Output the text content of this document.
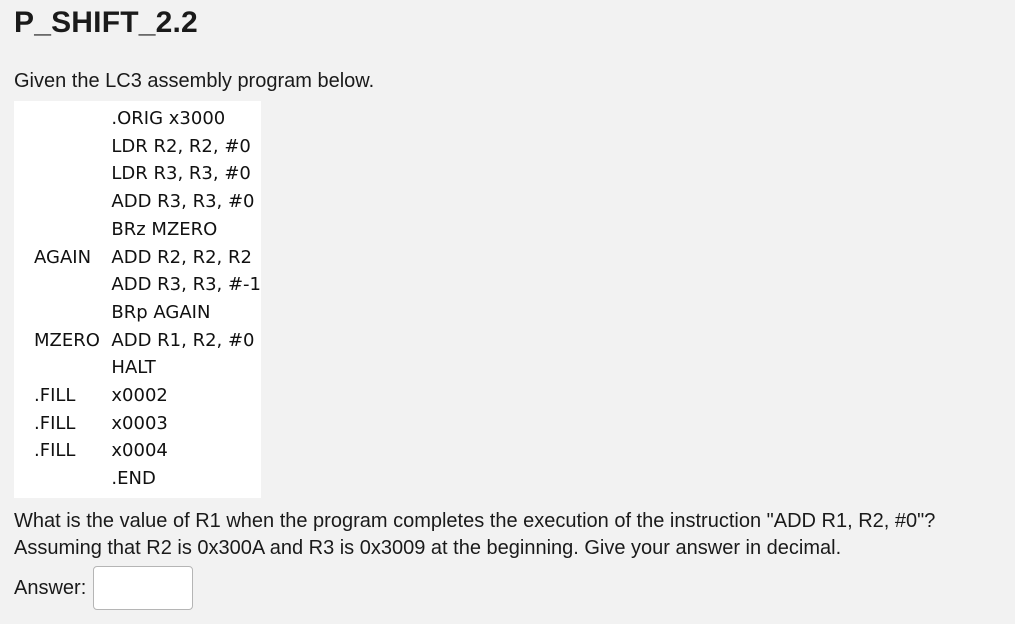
P_SHIFT_2.2

Given the LC3 assembly program below.

	.ORIG x3000
	LDR R2, R2, #0
	LDR R3, R3, #0
	ADD R3, R3, #0
	BRz MZERO
AGAIN	ADD R2, R2, R2
	ADD R3, R3, #-1
	BRp AGAIN
MZERO	ADD R1, R2, #0
	HALT
.FILL	x0002
.FILL	x0003
.FILL	x0004
	.END

What is the value of R1 when the program completes the execution of the instruction "ADD R1, R2, #0"?
Assuming that R2 is 0x300A and R3 is 0x3009 at the beginning. Give your answer in decimal.

Answer:
